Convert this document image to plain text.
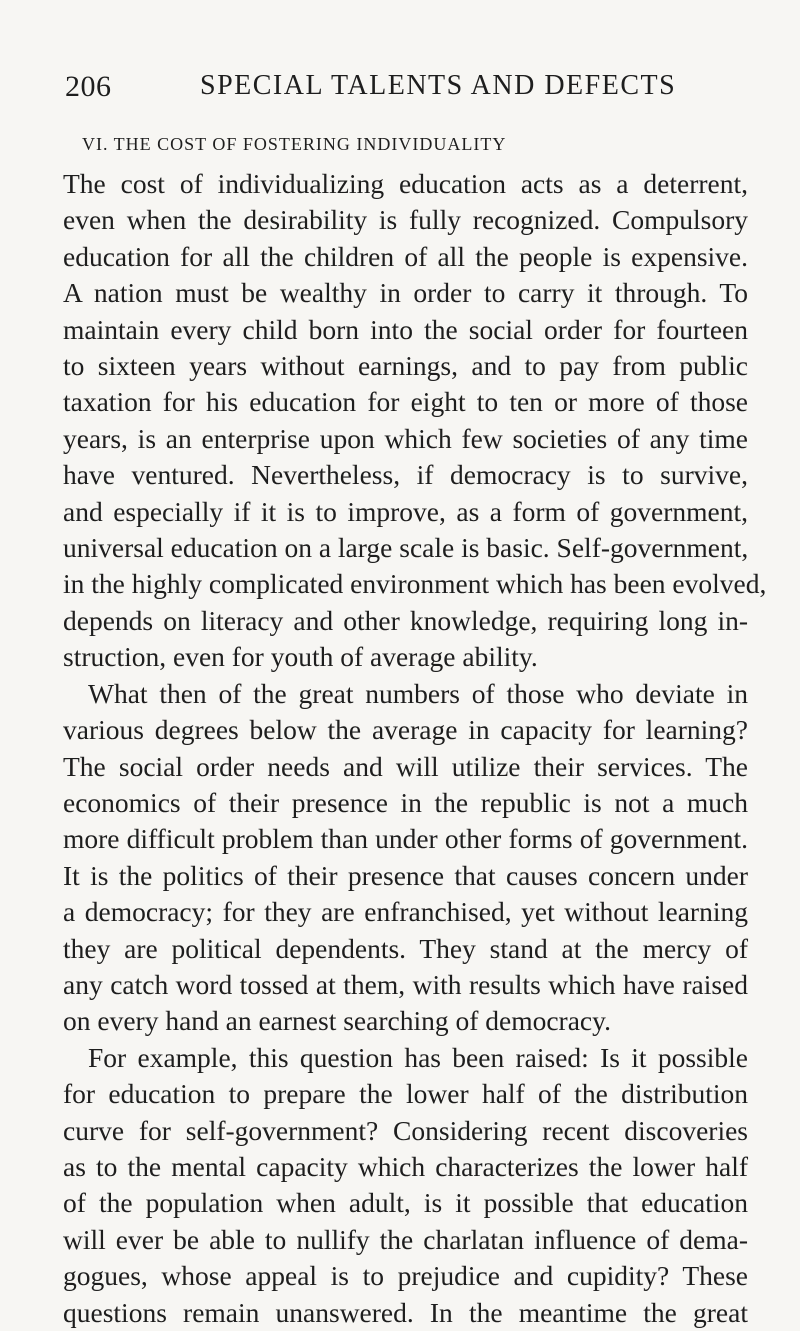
206	SPECIAL TALENTS AND DEFECTS
VI. THE COST OF FOSTERING INDIVIDUALITY
The cost of individualizing education acts as a deterrent,
even when the desirability is fully recognized. Compulsory
education for all the children of all the people is expensive.
A nation must be wealthy in order to carry it through. To
maintain every child born into the social order for fourteen
to sixteen years without earnings, and to pay from public
taxation for his education for eight to ten or more of those
years, is an enterprise upon which few societies of any time
have ventured. Nevertheless, if democracy is to survive,
and especially if it is to improve, as a form of government,
universal education on a large scale is basic. Self-government,
in the highly complicated environment which has been evolved,
depends on literacy and other knowledge, requiring long in-
struction, even for youth of average ability.
What then of the great numbers of those who deviate in
various degrees below the average in capacity for learning?
The social order needs and will utilize their services. The
economics of their presence in the republic is not a much
more difficult problem than under other forms of government.
It is the politics of their presence that causes concern under
a democracy; for they are enfranchised, yet without learning
they are political dependents. They stand at the mercy of
any catch word tossed at them, with results which have raised
on every hand an earnest searching of democracy.
For example, this question has been raised: Is it possible
for education to prepare the lower half of the distribution
curve for self-government? Considering recent discoveries
as to the mental capacity which characterizes the lower half
of the population when adult, is it possible that education
will ever be able to nullify the charlatan influence of dema-
gogues, whose appeal is to prejudice and cupidity? These
questions remain unanswered. In the meantime the great
